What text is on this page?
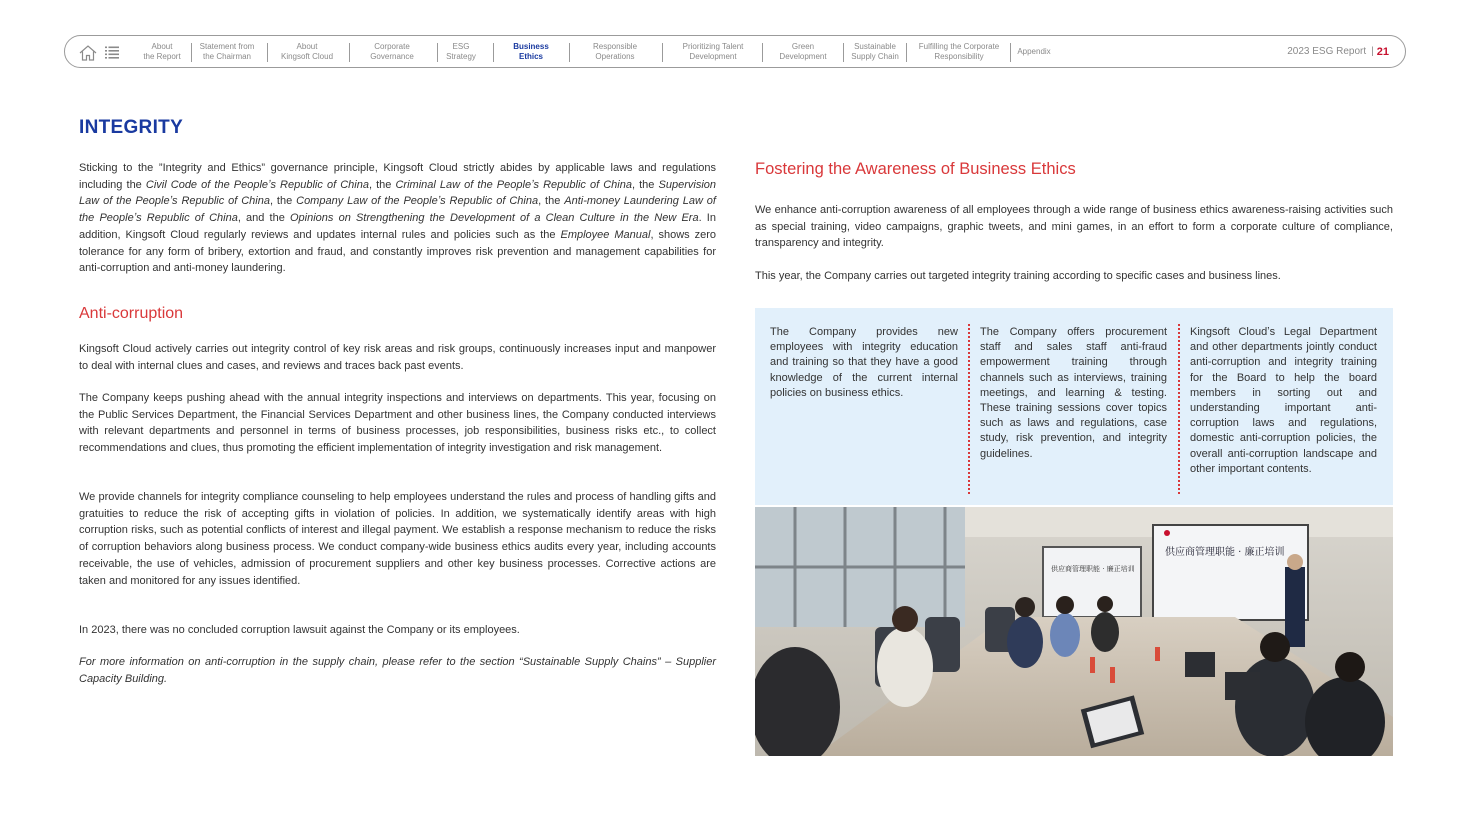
About
the Report
Statement from
the Chairman
About
Kingsoft Cloud
Corporate
Governance
ESG
Strategy
Business
Ethics
Responsible
Operations
Prioritizing Talent
Development
Green
Development
Sustainable
Supply Chain
Fulfilling the Corporate
Responsibility
Appendix	2023 ESG Report | 21
INTEGRITY

Sticking to the ”Integrity and Ethics” governance principle, Kingsoft Cloud strictly abides by applicable laws and regulations including the Civil Code of the Peopleʼs Republic of China, the Criminal Law of the Peopleʼs Republic of China, the Supervision Law of the Peopleʼs Republic of China, the Company Law of the Peopleʼs Republic of China, the Anti-money Laundering Law of the Peopleʼs Republic of China, and the Opinions on Strengthening the Development of a Clean Culture in the New Era. In addition, Kingsoft Cloud regularly reviews and updates internal rules and policies such as the Employee Manual, shows zero tolerance for any form of bribery, extortion and fraud, and constantly improves risk prevention and management capabilities for anti-corruption and anti-money laundering.

Anti-corruption

Kingsoft Cloud actively carries out integrity control of key risk areas and risk groups, continuously increases input and manpower to deal with internal clues and cases, and reviews and traces back past events.

The Company keeps pushing ahead with the annual integrity inspections and interviews on departments. This year, focusing on the Public Services Department, the Financial Services Department and other business lines, the Company conducted interviews with relevant departments and personnel in terms of business processes, job responsibilities, business risks etc., to collect recommendations and clues, thus promoting the efficient implementation of integrity investigation and risk management.

We provide channels for integrity compliance counseling to help employees understand the rules and process of handling gifts and gratuities to reduce the risk of accepting gifts in violation of policies. In addition, we systematically identify areas with high corruption risks, such as potential conflicts of interest and illegal payment. We establish a response mechanism to reduce the risks of corruption behaviors along business process. We conduct company-wide business ethics audits every year, including accounts receivable, the use of vehicles, admission of procurement suppliers and other key business processes. Corrective actions are taken and monitored for any issues identified.

In 2023, there was no concluded corruption lawsuit against the Company or its employees.

For more information on anti-corruption in the supply chain, please refer to the section “Sustainable Supply Chains” – Supplier Capacity Building.

Fostering the Awareness of Business Ethics

We enhance anti-corruption awareness of all employees through a wide range of business ethics awareness-raising activities such as special training, video campaigns, graphic tweets, and mini games, in an effort to form a corporate culture of compliance, transparency and integrity.

This year, the Company carries out targeted integrity training according to specific cases and business lines.

The Company provides new employees with integrity education and training so that they have a good knowledge of the current internal policies on business ethics.

The Company offers procurement staff and sales staff anti-fraud empowerment training through channels such as interviews, training meetings, and learning & testing. These training sessions cover topics such as laws and regulations, case study, risk prevention, and integrity guidelines.

Kingsoft Cloudʼs Legal Department and other departments jointly conduct anti-corruption and integrity training for the Board to help the board members in sorting out and understanding important anti-corruption laws and regulations, domestic anti-corruption policies, the overall anti-corruption landscape and other important contents.

供应商管理职能 · 廉正培训
供应商管理职能 · 廉正培训
